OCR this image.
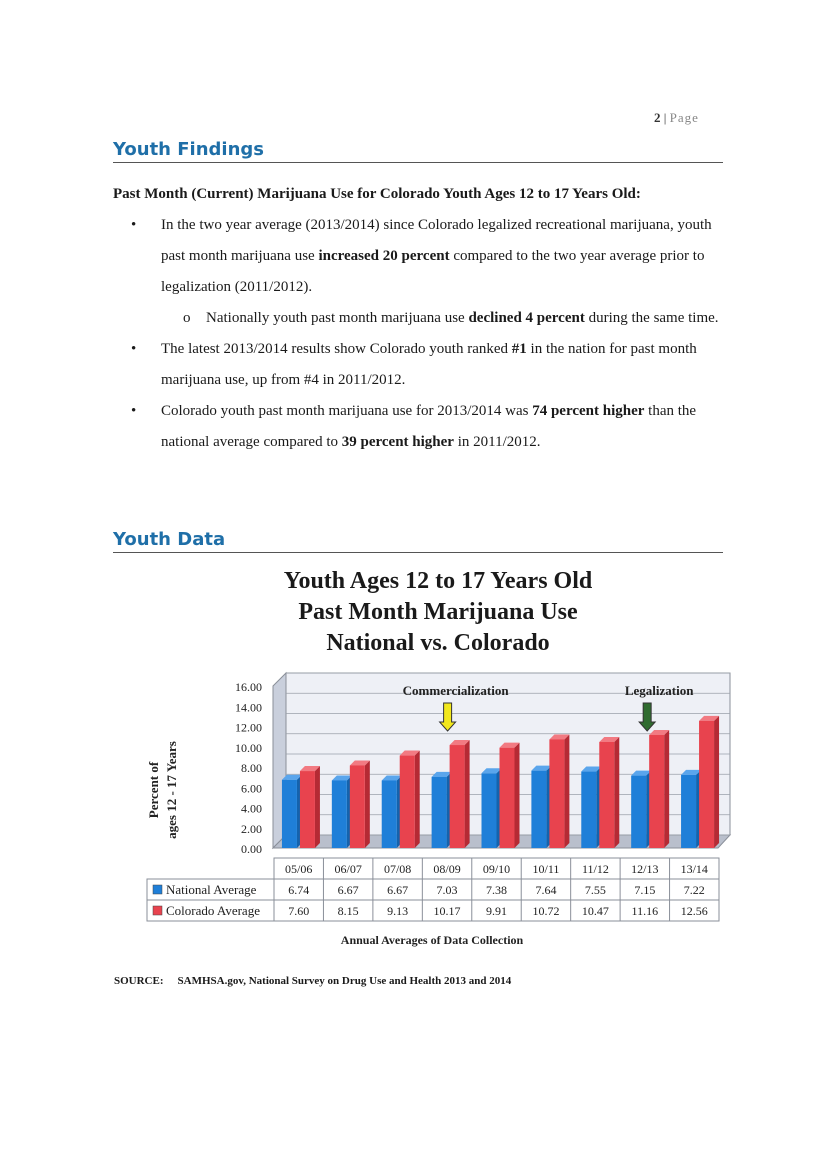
2 | Page
Youth Findings
Past Month (Current) Marijuana Use for Colorado Youth Ages 12 to 17 Years Old:
• In the two year average (2013/2014) since Colorado legalized recreational marijuana, youth past month marijuana use increased 20 percent compared to the two year average prior to legalization (2011/2012).
o Nationally youth past month marijuana use declined 4 percent during the same time.
• The latest 2013/2014 results show Colorado youth ranked #1 in the nation for past month marijuana use, up from #4 in 2011/2012.
• Colorado youth past month marijuana use for 2013/2014 was 74 percent higher than the national average compared to 39 percent higher in 2011/2012.
Youth Data
Youth Ages 12 to 17 Years Old
Past Month Marijuana Use
National vs. Colorado
0.00
2.00
4.00
6.00
8.00
10.00
12.00
14.00
16.00
Percent of ages 12 - 17 Years
Commercialization	Legalization
05/06
6.74
7.60
06/07
6.67
8.15
07/08
6.67
9.13
08/09
7.03
10.17
09/10
7.38
9.91
10/11
7.64
10.72
11/12
7.55
10.47
12/13
7.15
11.16
13/14
7.22
12.56
National Average
Colorado Average
Annual Averages of Data Collection
SOURCE: SAMHSA.gov, National Survey on Drug Use and Health 2013 and 2014
